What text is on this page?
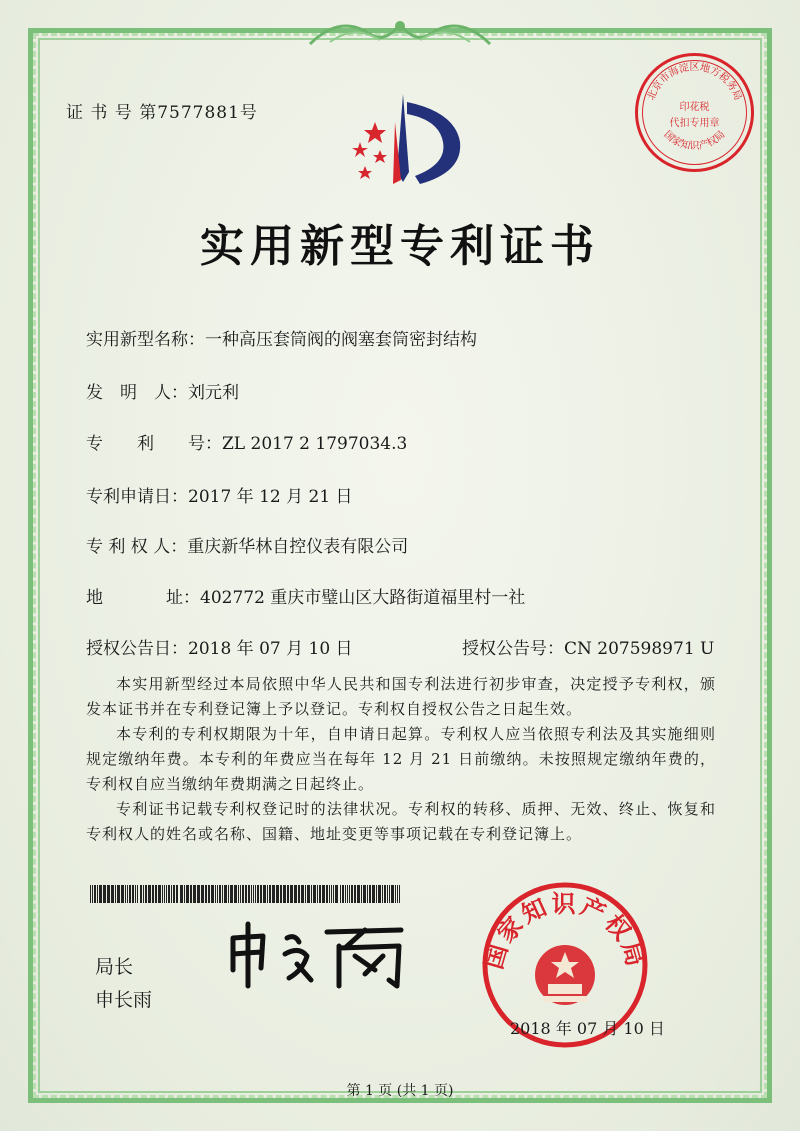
证 书 号 第7577881号
实用新型专利证书
实用新型名称：一种高压套筒阀的阀塞套筒密封结构
发　明　人：刘元利
专　　利　　号：ZL 2017 2 1797034.3
专利申请日：2017 年 12 月 21 日
专 利 权 人：重庆新华林自控仪表有限公司
地	址：402772 重庆市璧山区大路街道福里村一社
授权公告日：2018 年 07 月 10 日	授权公告号：CN 207598971 U

本实用新型经过本局依照中华人民共和国专利法进行初步审查，决定授予专利权，颁发本证书并在专利登记簿上予以登记。专利权自授权公告之日起生效。

本专利的专利权期限为十年，自申请日起算。专利权人应当依照专利法及其实施细则规定缴纳年费。本专利的年费应当在每年 12 月 21 日前缴纳。未按照规定缴纳年费的，专利权自应当缴纳年费期满之日起终止。

专利证书记载专利权登记时的法律状况。专利权的转移、质押、无效、终止、恢复和专利权人的姓名或名称、国籍、地址变更等事项记载在专利登记簿上。

局长
申长雨
北京市海淀区地方税务局
印花税
代扣专用章
国家知识产权局
国家知识产权局
2018 年 07 月 10 日
第 1 页 (共 1 页)
